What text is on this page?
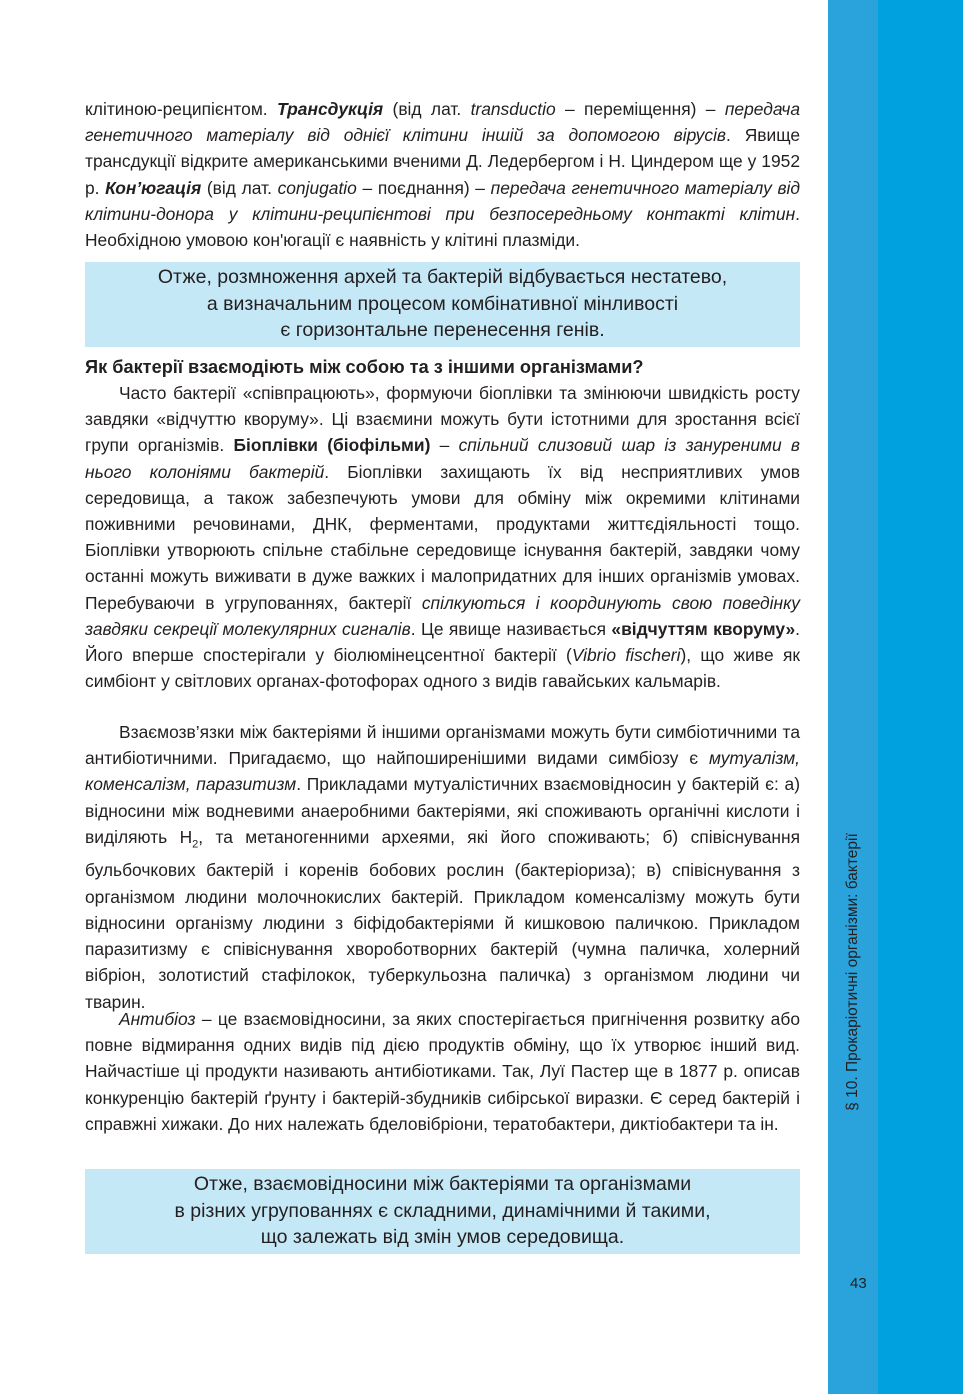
§ 10. Прокаріотичні організми: бактерії
43

клітиною-реципієнтом. Трансдукція (від лат. transductio – переміщення) – передача генетичного матеріалу від однієї клітини іншій за допомогою вірусів. Явище трансдукції відкрите американськими вченими Д. Ледербергом і Н. Циндером ще у 1952 р. Кон’югація (від лат. conjugatio – поєднання) – передача генетичного матеріалу від клітини-донора у клітини-реципієнтові при безпосередньому контакті клітин. Необхідною умовою кон'югації є наявність у клітині плазміди.

Отже, розмноження архей та бактерій відбувається нестатево,
а визначальним процесом комбінативної мінливості
є горизонтальне перенесення генів.
Як бактерії взаємодіють між собою та з іншими організмами?

Часто бактерії «співпрацюють», формуючи біоплівки та змінюючи швидкість росту завдяки «відчуттю кворуму». Ці взаємини можуть бути істотними для зростання всієї групи організмів. Біоплівки (біофільми) – спільний слизовий шар із зануреними в нього колоніями бактерій. Біоплівки захищають їх від несприятливих умов середовища, а також забезпечують умови для обміну між окремими клітинами поживними речовинами, ДНК, ферментами, продуктами життєдіяльності тощо. Біоплівки утворюють спільне стабільне середовище існування бактерій, завдяки чому останні можуть виживати в дуже важких і малопридатних для інших організмів умовах. Перебуваючи в угрупованнях, бактерії спілкуються і координують свою поведінку завдяки секреції молекулярних сигналів. Це явище називається «відчуттям кворуму». Його вперше спостерігали у біолюмінецсентної бактерії (Vibrio fischeri), що живе як симбіонт у світлових органах-фотофорах одного з видів гавайських кальмарів.

Взаємозв’язки між бактеріями й іншими організмами можуть бути симбіотичними та антибіотичними. Пригадаємо, що найпоширенішими видами симбіозу є мутуалізм, коменсалізм, паразитизм. Прикладами мутуалістичних взаємовідносин у бактерій є: а) відносини між водневими анаеробними бактеріями, які споживають органічні кислоти і виділяють $H_2$, та метаногенними археями, які його споживають; б) співіснування бульбочкових бактерій і коренів бобових рослин (бактеріориза); в) співіснування з організмом людини молочнокислих бактерій. Прикладом коменсалізму можуть бути відносини організму людини з біфідобактеріями й кишковою паличкою. Прикладом паразитизму є співіснування хвороботворних бактерій (чумна паличка, холерний вібріон, золотистий стафілокок, туберкульозна паличка) з організмом людини чи тварин.

Антибіоз – це взаємовідносини, за яких спостерігається пригнічення розвитку або повне відмирання одних видів під дією продуктів обміну, що їх утворює інший вид. Найчастіше ці продукти називають антибіотиками. Так, Луї Пастер ще в 1877 р. описав конкуренцію бактерій ґрунту і бактерій-збудників сибірської виразки. Є серед бактерій і справжні хижаки. До них належать бделовібріони, тератобактери, диктіобактери та ін.

Отже, взаємовідносини між бактеріями та організмами
в різних угрупованнях є складними, динамічними й такими,
що залежать від змін умов середовища.
